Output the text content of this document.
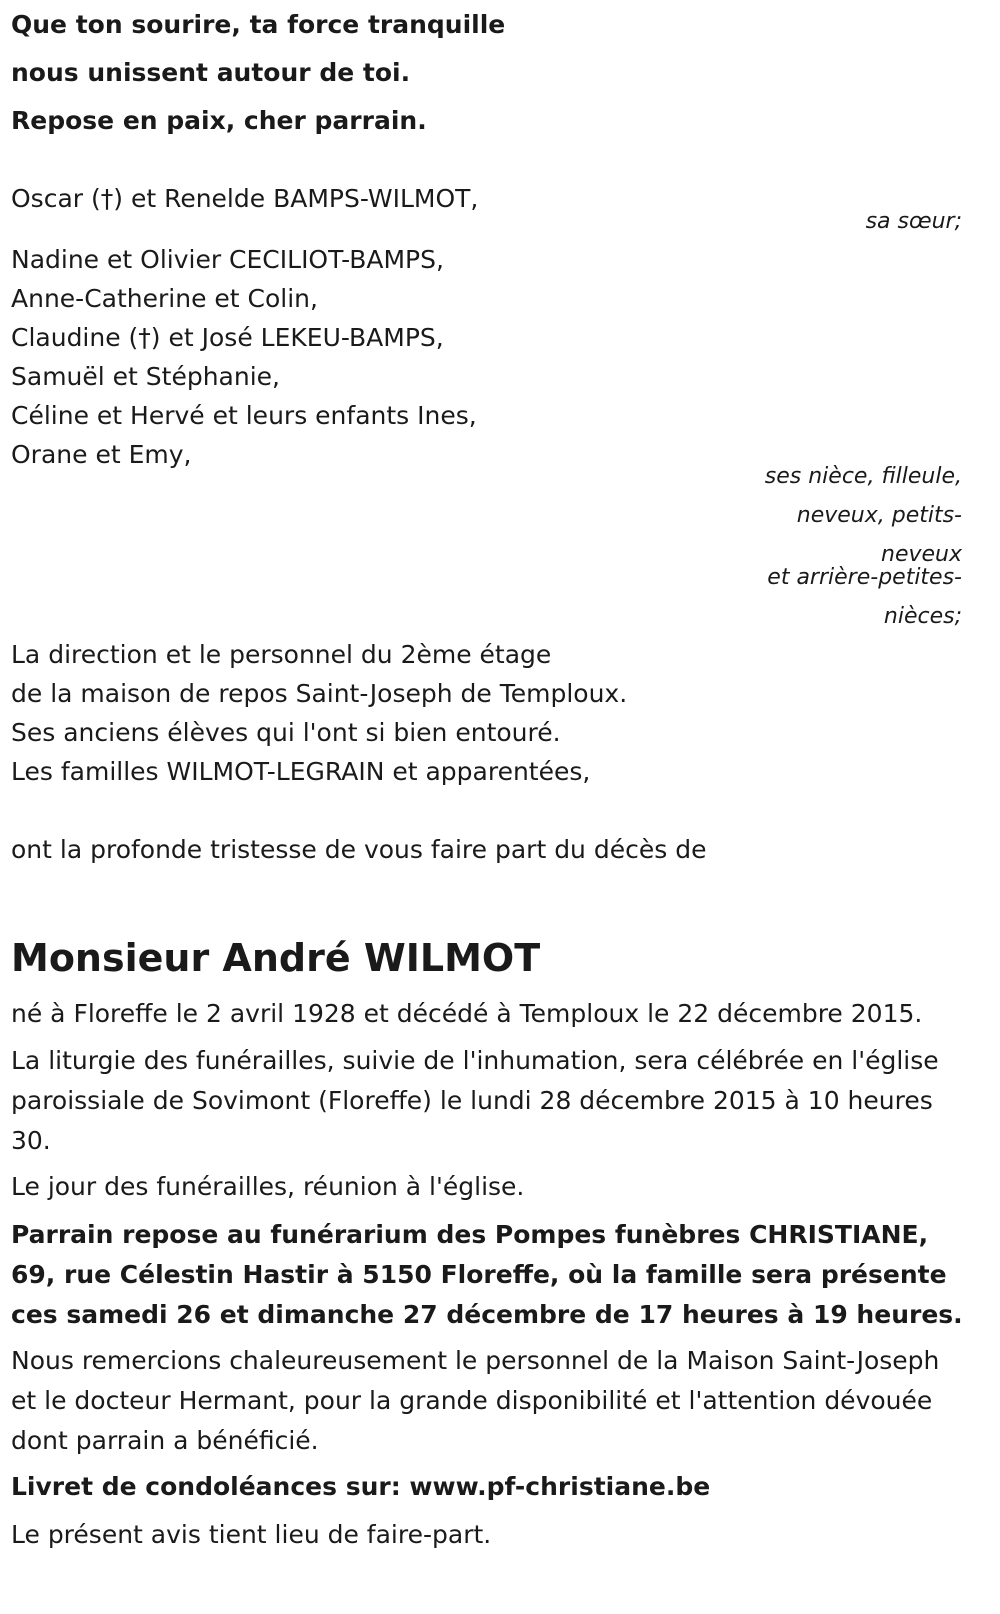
Que ton sourire, ta force tranquille

nous unissent autour de toi.

Repose en paix, cher parrain.

Oscar (†) et Renelde BAMPS-WILMOT,

sa sœur;

Nadine et Olivier CECILIOT-BAMPS,

Anne-Catherine et Colin,

Claudine (†) et José LEKEU-BAMPS,

Samuël et Stéphanie,

Céline et Hervé et leurs enfants Ines,

Orane et Emy,

ses nièce, filleule,

neveux, petits-

neveux

et arrière-petites-

nièces;

La direction et le personnel du 2ème étage

de la maison de repos Saint-Joseph de Temploux.

Ses anciens élèves qui l'ont si bien entouré.

Les familles WILMOT-LEGRAIN et apparentées,

ont la profonde tristesse de vous faire part du décès de

Monsieur André WILMOT

né à Floreffe le 2 avril 1928 et décédé à Temploux le 22 décembre 2015.

La liturgie des funérailles, suivie de l'inhumation, sera célébrée en l'église paroissiale de Sovimont (Floreffe) le lundi 28 décembre 2015 à 10 heures 30.

Le jour des funérailles, réunion à l'église.

Parrain repose au funérarium des Pompes funèbres CHRISTIANE, 69, rue Célestin Hastir à 5150 Floreffe, où la famille sera présente ces samedi 26 et dimanche 27 décembre de 17 heures à 19 heures.

Nous remercions chaleureusement le personnel de la Maison Saint-Joseph et le docteur Hermant, pour la grande disponibilité et l'attention dévouée dont parrain a bénéficié.

Livret de condoléances sur: www.pf-christiane.be

Le présent avis tient lieu de faire-part.
